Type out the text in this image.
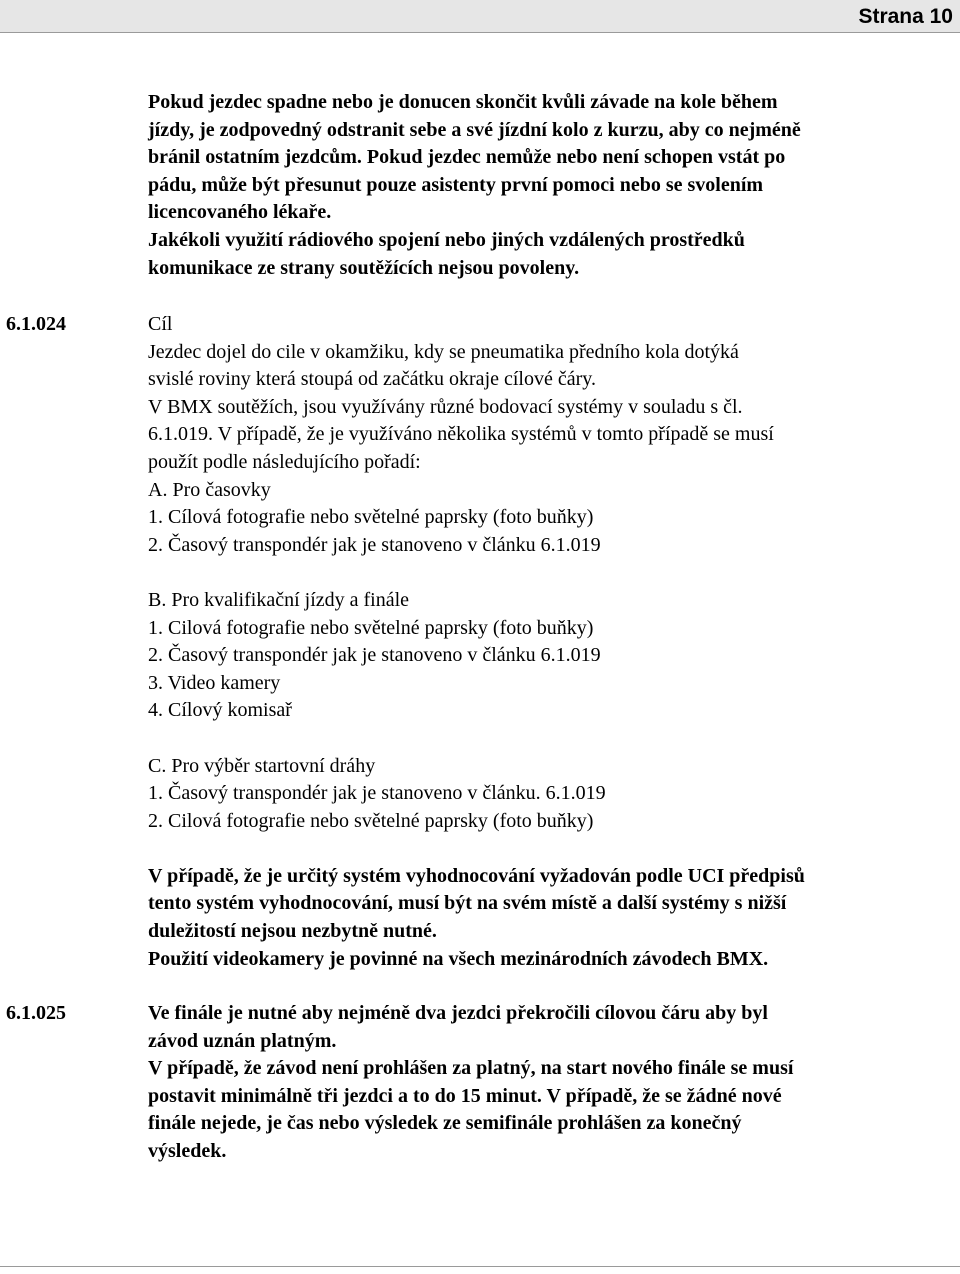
Strana 10
Pokud jezdec spadne nebo je donucen skončit kvůli závade na kole během
jízdy, je zodpovedný odstranit sebe a své jízdní kolo z kurzu, aby co nejméně
bránil ostatním jezdcům. Pokud jezdec nemůže nebo není schopen vstát po
pádu, může být přesunut pouze asistenty první pomoci nebo se svolením
licencovaného lékaře.
Jakékoli využití rádiového spojení nebo jiných vzdálených prostředků
komunikace ze strany soutěžících nejsou povoleny.
6.1.024	Cíl
Jezdec dojel do cile v okamžiku, kdy se pneumatika předního kola dotýká
svislé roviny která stoupá od začátku okraje cílové čáry.
V BMX soutěžích, jsou využívány různé bodovací systémy v souladu s čl.
6.1.019. V případě, že je využíváno několika systémů v tomto případě se musí
použít podle následujícího pořadí:
A. Pro časovky
1. Cílová fotografie nebo světelné paprsky (foto buňky)
2. Časový transpondér jak je stanoveno v článku 6.1.019
B. Pro kvalifikační jízdy a finále
1. Cilová fotografie nebo světelné paprsky (foto buňky)
2. Časový transpondér jak je stanoveno v článku 6.1.019
3. Video kamery
4. Cílový komisař
C. Pro výběr startovní dráhy
1. Časový transpondér jak je stanoveno v článku. 6.1.019
2. Cilová fotografie nebo světelné paprsky (foto buňky)
V případě, že je určitý systém vyhodnocování vyžadován podle UCI předpisů
tento systém vyhodnocování, musí být na svém místě a další systémy s nižší
duležitostí nejsou nezbytně nutné.
Použití videokamery je povinné na všech mezinárodních závodech BMX.
6.1.025	Ve finále je nutné aby nejméně dva jezdci překročili cílovou čáru aby byl
závod uznán platným.
V případě, že závod není prohlášen za platný, na start nového finále se musí
postavit minimálně tři jezdci a to do 15 minut. V případě, že se žádné nové
finále nejede, je čas nebo výsledek ze semifinále prohlášen za konečný
výsledek.
